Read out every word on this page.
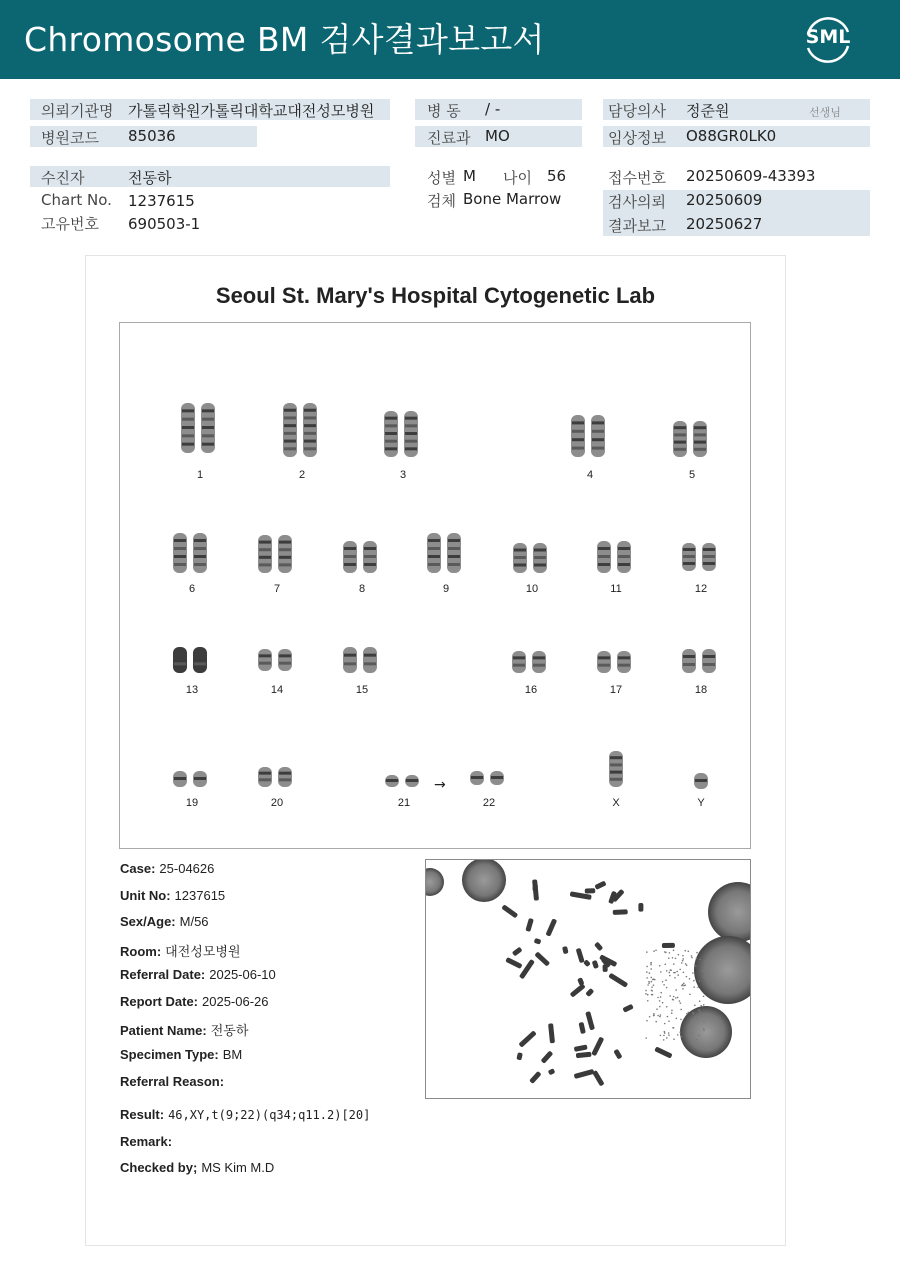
Chromosome BM 검사결과보고서	SML
의뢰기관명 가톨릭학원가톨릭대학교대전성모병원
병원코드 85036
병 동 / -
진료과 MO
담당의사 정준원	선생님
임상정보 O88GR0LK0
수진자	전동하
Chart No. 1237615
고유번호 690503-1
성별 M 나이 56
검체 Bone Marrow
접수번호 20250609-43393
검사의뢰 20250609
결과보고 20250627
Seoul St. Mary's Hospital Cytogenetic Lab
→
1	2	3	4	5
6	7	8	9	10	11	12
13	14	15	16	17	18
19	20	21	22	X	Y
Case: 25-04626
Unit No: 1237615
Sex/Age: M/56
Room: 대전성모병원
Referral Date: 2025-06-10
Report Date: 2025-06-26
Patient Name: 전동하
Specimen Type: BM
Referral Reason:
Result: 46,XY,t(9;22)(q34;q11.2)[20]
Remark:
Checked by; MS Kim M.D
